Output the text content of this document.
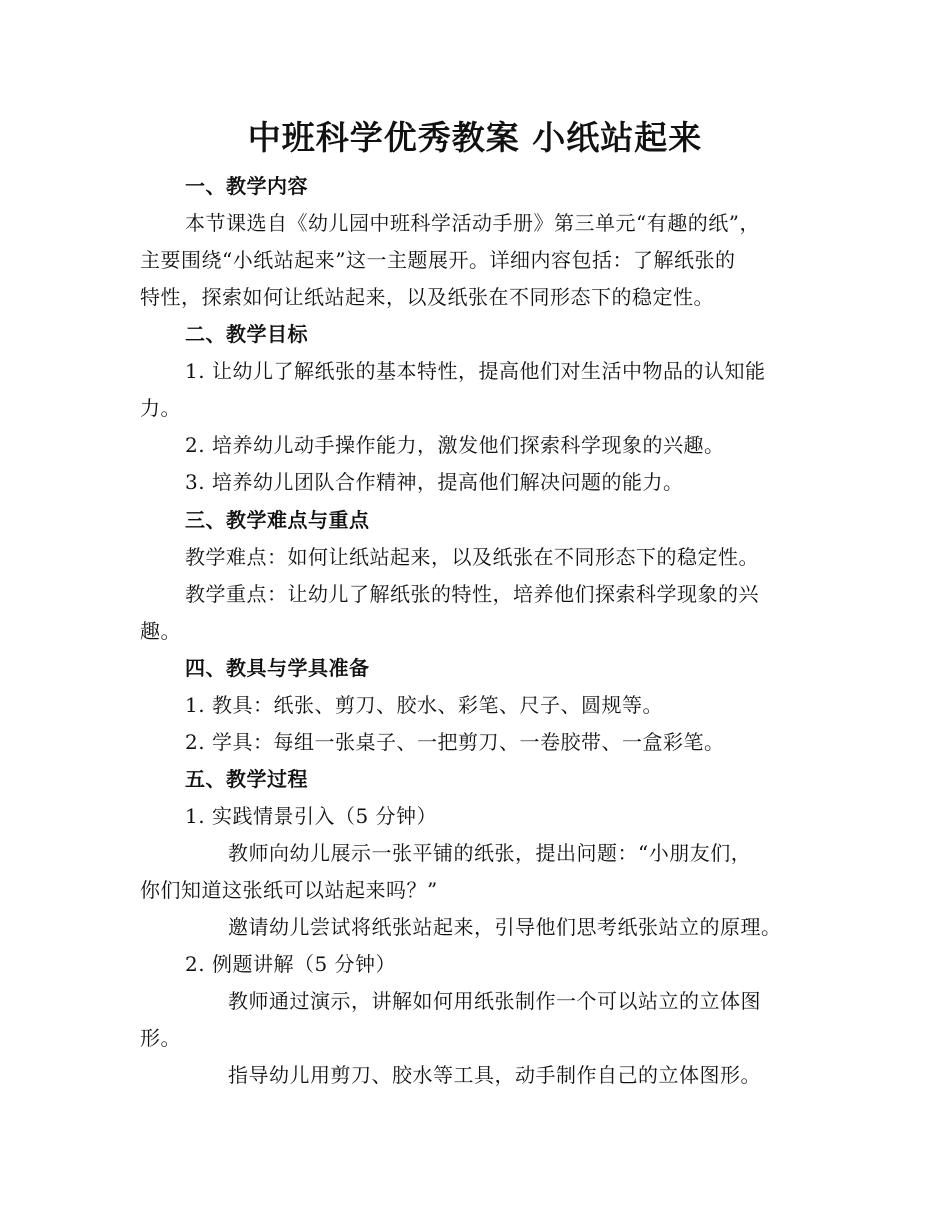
中班科学优秀教案 小纸站起来
一、教学内容
本节课选自《幼儿园中班科学活动手册》第三单元“有趣的纸”，
主要围绕“小纸站起来”这一主题展开。详细内容包括：了解纸张的
特性，探索如何让纸站起来，以及纸张在不同形态下的稳定性。
二、教学目标
1. 让幼儿了解纸张的基本特性，提高他们对生活中物品的认知能
力。
2. 培养幼儿动手操作能力，激发他们探索科学现象的兴趣。
3. 培养幼儿团队合作精神，提高他们解决问题的能力。
三、教学难点与重点
教学难点：如何让纸站起来，以及纸张在不同形态下的稳定性。
教学重点：让幼儿了解纸张的特性，培养他们探索科学现象的兴
趣。
四、教具与学具准备
1. 教具：纸张、剪刀、胶水、彩笔、尺子、圆规等。
2. 学具：每组一张桌子、一把剪刀、一卷胶带、一盒彩笔。
五、教学过程
1. 实践情景引入（5 分钟）
教师向幼儿展示一张平铺的纸张，提出问题：“小朋友们，
你们知道这张纸可以站起来吗？”
邀请幼儿尝试将纸张站起来，引导他们思考纸张站立的原理。
2. 例题讲解（5 分钟）
教师通过演示，讲解如何用纸张制作一个可以站立的立体图
形。
指导幼儿用剪刀、胶水等工具，动手制作自己的立体图形。
